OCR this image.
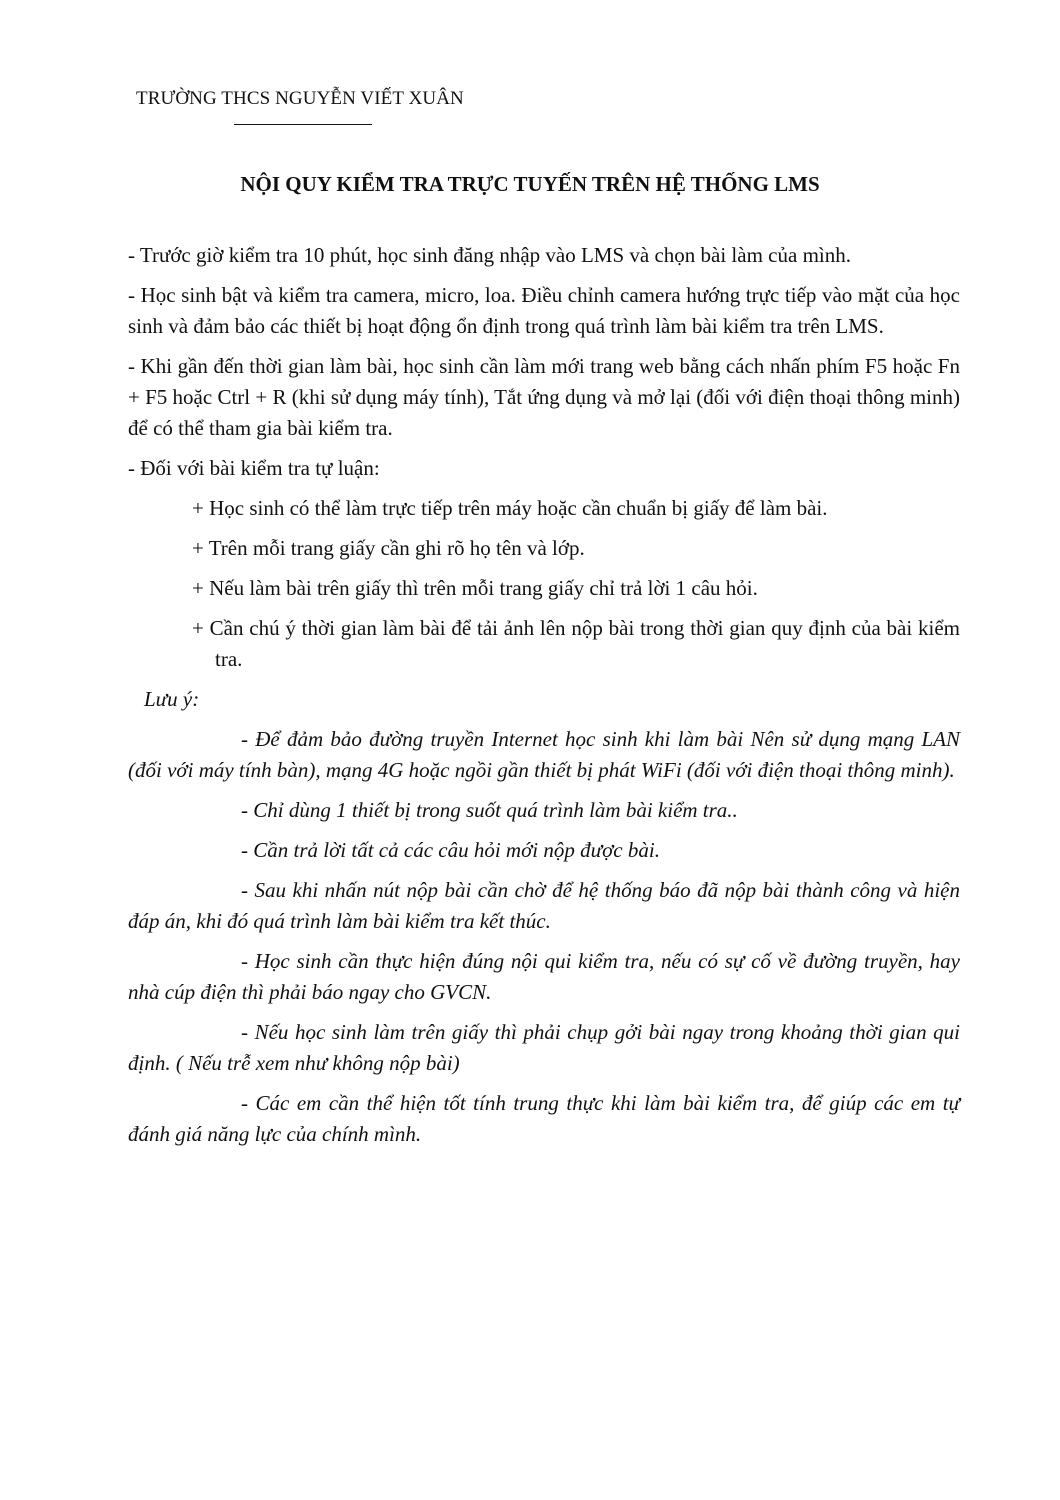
TRƯỜNG THCS NGUYỄN VIẾT XUÂN
NỘI QUY KIỂM TRA TRỰC TUYẾN TRÊN HỆ THỐNG LMS

- Trước giờ kiểm tra 10 phút, học sinh đăng nhập vào LMS và chọn bài làm của mình.

- Học sinh bật và kiểm tra camera, micro, loa. Điều chỉnh camera hướng trực tiếp vào mặt của học sinh và đảm bảo các thiết bị hoạt động ổn định trong quá trình làm bài kiểm tra trên LMS.

- Khi gần đến thời gian làm bài, học sinh cần làm mới trang web bằng cách nhấn phím F5 hoặc Fn + F5 hoặc Ctrl + R (khi sử dụng máy tính), Tắt ứng dụng và mở lại (đối với điện thoại thông minh) để có thể tham gia bài kiểm tra.

- Đối với bài kiểm tra tự luận:

+ Học sinh có thể làm trực tiếp trên máy hoặc cần chuẩn bị giấy để làm bài.

+ Trên mỗi trang giấy cần ghi rõ họ tên và lớp.

+ Nếu làm bài trên giấy thì trên mỗi trang giấy chỉ trả lời 1 câu hỏi.

+ Cần chú ý thời gian làm bài để tải ảnh lên nộp bài trong thời gian quy định của bài kiểm tra.

Lưu ý:

- Để đảm bảo đường truyền Internet học sinh khi làm bài Nên sử dụng mạng LAN (đối với máy tính bàn), mạng 4G hoặc ngồi gần thiết bị phát WiFi (đối với điện thoại thông minh).

- Chỉ dùng 1 thiết bị trong suốt quá trình làm bài kiểm tra..

- Cần trả lời tất cả các câu hỏi mới nộp được bài.

- Sau khi nhấn nút nộp bài cần chờ để hệ thống báo đã nộp bài thành công và hiện đáp án, khi đó quá trình làm bài kiểm tra kết thúc.

- Học sinh cần thực hiện đúng nội qui kiểm tra, nếu có sự cố về đường truyền, hay nhà cúp điện thì phải báo ngay cho GVCN.

- Nếu học sinh làm trên giấy thì phải chụp gởi bài ngay trong khoảng thời gian qui định. ( Nếu trễ xem như không nộp bài)

- Các em cần thể hiện tốt tính trung thực khi làm bài kiểm tra, để giúp các em tự đánh giá năng lực của chính mình.
